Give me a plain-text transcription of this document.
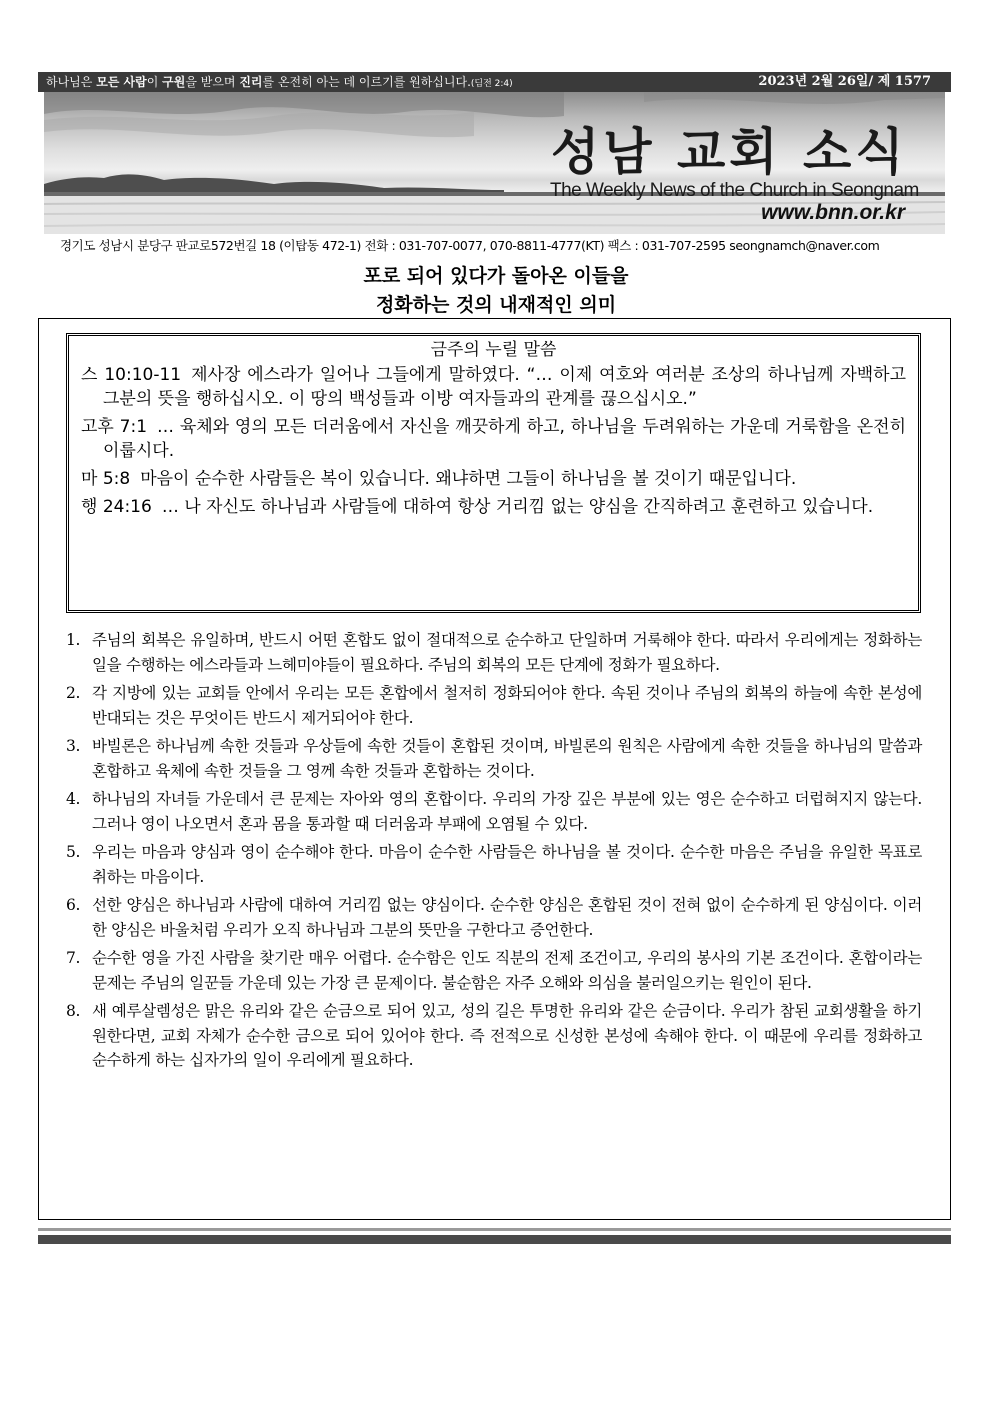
하나님은 모든 사람이 구원을 받으며 진리를 온전히 아는 데 이르기를 원하십니다.(딤전 2:4)	2023년 2월 26일/ 제 1577
성남 교회 소식
The Weekly News of the Church in Seongnam
www.bnn.or.kr
경기도 성남시 분당구 판교로572번길 18 (이탑동 472-1) 전화 : 031-707-0077, 070-8811-4777(KT) 팩스 : 031-707-2595 seongnamch@naver.com
포로 되어 있다가 돌아온 이들을
정화하는 것의 내재적인 의미
금주의 누릴 말씀

스 10:10-11 제사장 에스라가 일어나 그들에게 말하였다. “… 이제 여호와 여러분 조상의 하나님께 자백하고 그분의 뜻을 행하십시오. 이 땅의 백성들과 이방 여자들과의 관계를 끊으십시오.”

고후 7:1 … 육체와 영의 모든 더러움에서 자신을 깨끗하게 하고, 하나님을 두려워하는 가운데 거룩함을 온전히 이룹시다.

마 5:8 마음이 순수한 사람들은 복이 있습니다. 왜냐하면 그들이 하나님을 볼 것이기 때문입니다.

행 24:16 … 나 자신도 하나님과 사람들에 대하여 항상 거리낌 없는 양심을 간직하려고 훈련하고 있습니다.

1. 주님의 회복은 유일하며, 반드시 어떤 혼합도 없이 절대적으로 순수하고 단일하며 거룩해야 한다. 따라서 우리에게는 정화하는 일을 수행하는 에스라들과 느헤미야들이 필요하다. 주님의 회복의 모든 단계에 정화가 필요하다.
2. 각 지방에 있는 교회들 안에서 우리는 모든 혼합에서 철저히 정화되어야 한다. 속된 것이나 주님의 회복의 하늘에 속한 본성에 반대되는 것은 무엇이든 반드시 제거되어야 한다.
3. 바빌론은 하나님께 속한 것들과 우상들에 속한 것들이 혼합된 것이며, 바빌론의 원칙은 사람에게 속한 것들을 하나님의 말씀과 혼합하고 육체에 속한 것들을 그 영께 속한 것들과 혼합하는 것이다.
4. 하나님의 자녀들 가운데서 큰 문제는 자아와 영의 혼합이다. 우리의 가장 깊은 부분에 있는 영은 순수하고 더럽혀지지 않는다. 그러나 영이 나오면서 혼과 몸을 통과할 때 더러움과 부패에 오염될 수 있다.
5. 우리는 마음과 양심과 영이 순수해야 한다. 마음이 순수한 사람들은 하나님을 볼 것이다. 순수한 마음은 주님을 유일한 목표로 취하는 마음이다.
6. 선한 양심은 하나님과 사람에 대하여 거리낌 없는 양심이다. 순수한 양심은 혼합된 것이 전혀 없이 순수하게 된 양심이다. 이러한 양심은 바울처럼 우리가 오직 하나님과 그분의 뜻만을 구한다고 증언한다.
7. 순수한 영을 가진 사람을 찾기란 매우 어렵다. 순수함은 인도 직분의 전제 조건이고, 우리의 봉사의 기본 조건이다. 혼합이라는 문제는 주님의 일꾼들 가운데 있는 가장 큰 문제이다. 불순함은 자주 오해와 의심을 불러일으키는 원인이 된다.
8. 새 예루살렘성은 맑은 유리와 같은 순금으로 되어 있고, 성의 길은 투명한 유리와 같은 순금이다. 우리가 참된 교회생활을 하기 원한다면, 교회 자체가 순수한 금으로 되어 있어야 한다. 즉 전적으로 신성한 본성에 속해야 한다. 이 때문에 우리를 정화하고 순수하게 하는 십자가의 일이 우리에게 필요하다.
